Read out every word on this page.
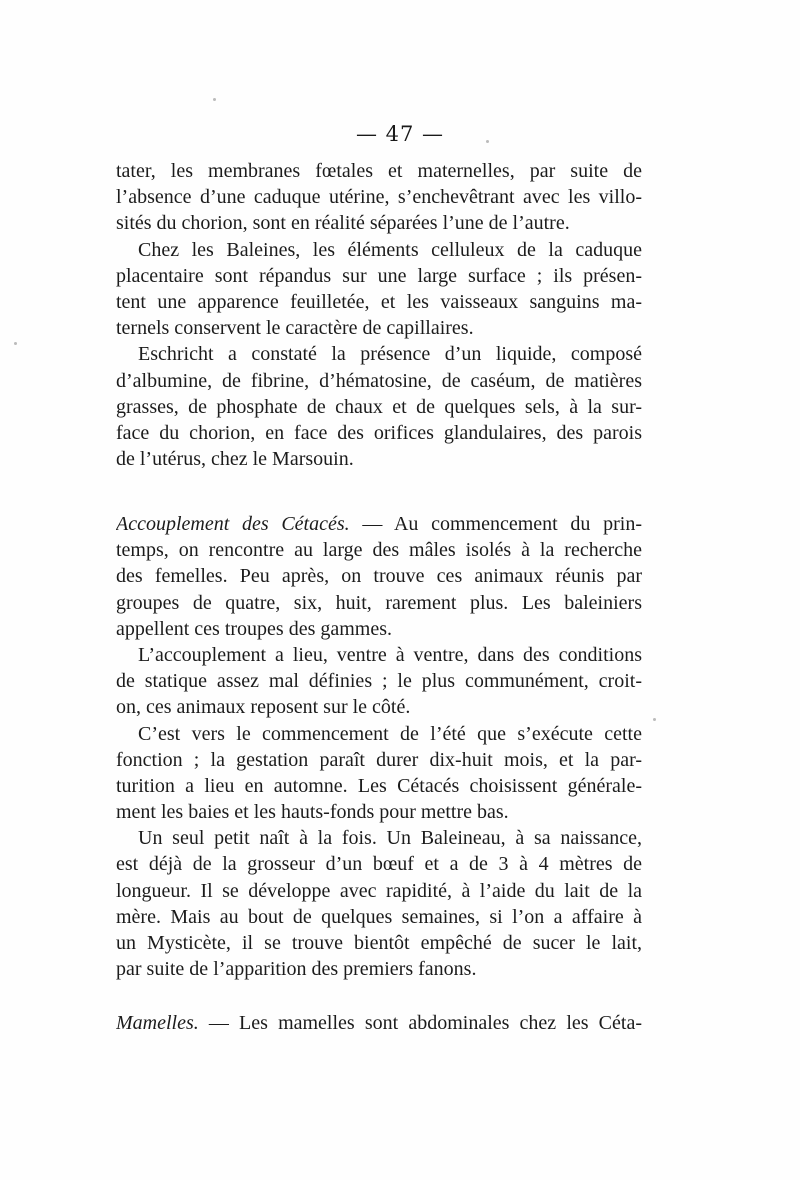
— 47 —
tater, les membranes fœtales et maternelles, par suite de
l’absence d’une caduque utérine, s’enchevêtrant avec les villo-
sités du chorion, sont en réalité séparées l’une de l’autre.
Chez les Baleines, les éléments celluleux de la caduque
placentaire sont répandus sur une large surface ; ils présen-
tent une apparence feuilletée, et les vaisseaux sanguins ma-
ternels conservent le caractère de capillaires.
Eschricht a constaté la présence d’un liquide, composé
d’albumine, de fibrine, d’hématosine, de caséum, de matières
grasses, de phosphate de chaux et de quelques sels, à la sur-
face du chorion, en face des orifices glandulaires, des parois
de l’utérus, chez le Marsouin.
Accouplement des Cétacés. — Au commencement du prin-
temps, on rencontre au large des mâles isolés à la recherche
des femelles. Peu après, on trouve ces animaux réunis par
groupes de quatre, six, huit, rarement plus. Les baleiniers
appellent ces troupes des gammes.
L’accouplement a lieu, ventre à ventre, dans des conditions
de statique assez mal définies ; le plus communément, croit-
on, ces animaux reposent sur le côté.
C’est vers le commencement de l’été que s’exécute cette
fonction ; la gestation paraît durer dix-huit mois, et la par-
turition a lieu en automne. Les Cétacés choisissent générale-
ment les baies et les hauts-fonds pour mettre bas.
Un seul petit naît à la fois. Un Baleineau, à sa naissance,
est déjà de la grosseur d’un bœuf et a de 3 à 4 mètres de
longueur. Il se développe avec rapidité, à l’aide du lait de la
mère. Mais au bout de quelques semaines, si l’on a affaire à
un Mysticète, il se trouve bientôt empêché de sucer le lait,
par suite de l’apparition des premiers fanons.
Mamelles. — Les mamelles sont abdominales chez les Céta-
